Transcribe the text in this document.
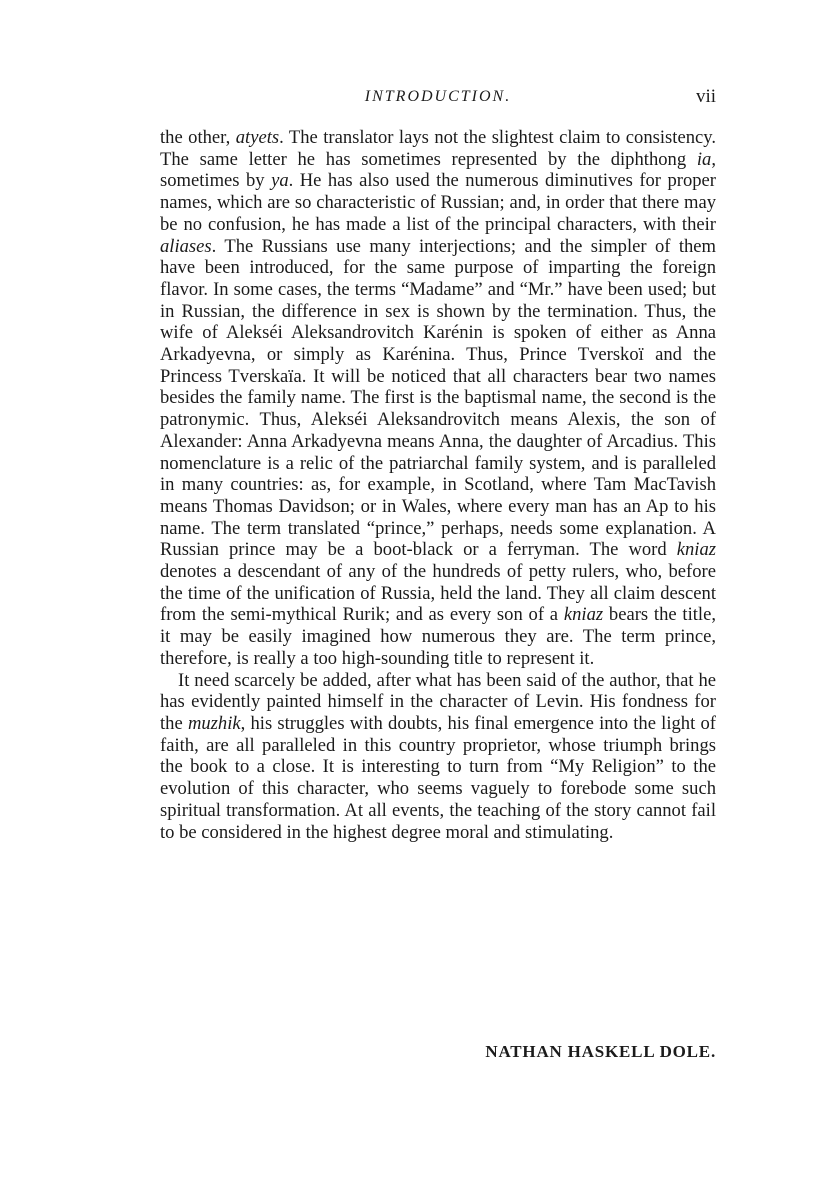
INTRODUCTION.	vii

the other, atyets. The translator lays not the slightest claim to consistency. The same letter he has sometimes represented by the diphthong ia, sometimes by ya. He has also used the numerous diminutives for proper names, which are so characteristic of Russian; and, in order that there may be no confusion, he has made a list of the principal characters, with their aliases. The Russians use many interjections; and the simpler of them have been introduced, for the same purpose of imparting the foreign flavor. In some cases, the terms “Madame” and “Mr.” have been used; but in Russian, the difference in sex is shown by the termination. Thus, the wife of Alekséi Aleksandrovitch Karénin is spoken of either as Anna Arkadyevna, or simply as Karénina. Thus, Prince Tverskoï and the Princess Tverskaïa. It will be noticed that all characters bear two names besides the family name. The first is the baptismal name, the second is the patronymic. Thus, Alekséi Aleksandrovitch means Alexis, the son of Alexander: Anna Arkadyevna means Anna, the daughter of Arcadius. This nomenclature is a relic of the patriarchal family system, and is paralleled in many countries: as, for example, in Scotland, where Tam MacTavish means Thomas Davidson; or in Wales, where every man has an Ap to his name. The term translated “prince,” perhaps, needs some explanation. A Russian prince may be a boot-black or a ferryman. The word kniaz denotes a descendant of any of the hundreds of petty rulers, who, before the time of the unification of Russia, held the land. They all claim descent from the semi-mythical Rurik; and as every son of a kniaz bears the title, it may be easily imagined how numerous they are. The term prince, therefore, is really a too high-sounding title to represent it.

It need scarcely be added, after what has been said of the author, that he has evidently painted himself in the character of Levin. His fondness for the muzhik, his struggles with doubts, his final emergence into the light of faith, are all paralleled in this country proprietor, whose triumph brings the book to a close. It is interesting to turn from “My Religion” to the evolution of this character, who seems vaguely to forebode some such spiritual transformation. At all events, the teaching of the story cannot fail to be considered in the highest degree moral and stimulating.

NATHAN HASKELL DOLE.
